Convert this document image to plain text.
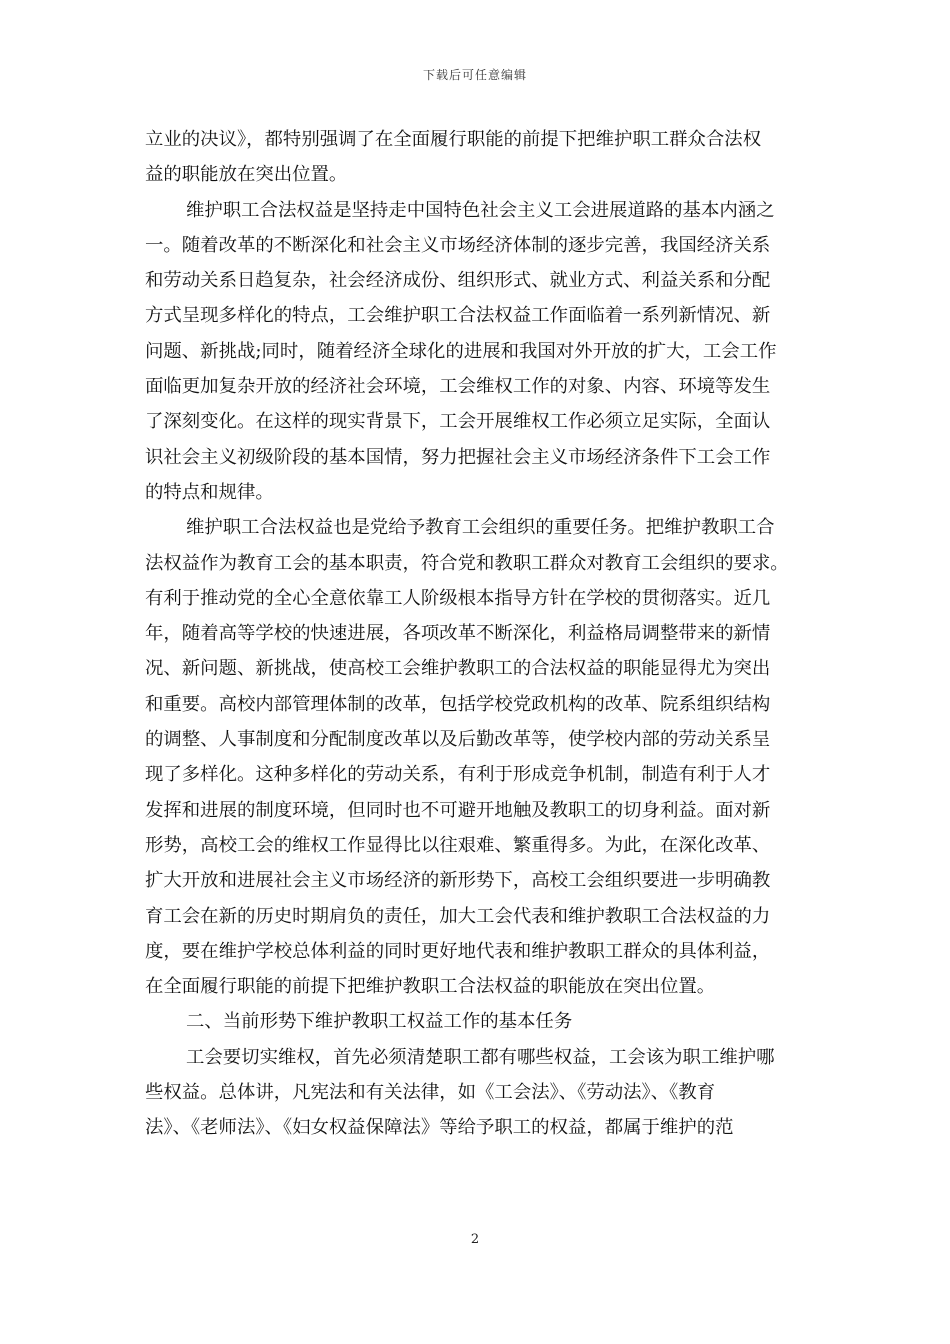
下载后可任意编辑
立业的决议》，都特别强调了在全面履行职能的前提下把维护职工群众合法权
益的职能放在突出位置。
维护职工合法权益是坚持走中国特色社会主义工会进展道路的基本内涵之
一。随着改革的不断深化和社会主义市场经济体制的逐步完善，我国经济关系
和劳动关系日趋复杂，社会经济成份、组织形式、就业方式、利益关系和分配
方式呈现多样化的特点，工会维护职工合法权益工作面临着一系列新情况、新
问题、新挑战;同时，随着经济全球化的进展和我国对外开放的扩大，工会工作
面临更加复杂开放的经济社会环境，工会维权工作的对象、内容、环境等发生
了深刻变化。在这样的现实背景下，工会开展维权工作必须立足实际，全面认
识社会主义初级阶段的基本国情，努力把握社会主义市场经济条件下工会工作
的特点和规律。
维护职工合法权益也是党给予教育工会组织的重要任务。把维护教职工合
法权益作为教育工会的基本职责，符合党和教职工群众对教育工会组织的要求。
有利于推动党的全心全意依靠工人阶级根本指导方针在学校的贯彻落实。近几
年，随着高等学校的快速进展，各项改革不断深化，利益格局调整带来的新情
况、新问题、新挑战，使高校工会维护教职工的合法权益的职能显得尤为突出
和重要。高校内部管理体制的改革，包括学校党政机构的改革、院系组织结构
的调整、人事制度和分配制度改革以及后勤改革等，使学校内部的劳动关系呈
现了多样化。这种多样化的劳动关系，有利于形成竞争机制，制造有利于人才
发挥和进展的制度环境，但同时也不可避开地触及教职工的切身利益。面对新
形势，高校工会的维权工作显得比以往艰难、繁重得多。为此，在深化改革、
扩大开放和进展社会主义市场经济的新形势下，高校工会组织要进一步明确教
育工会在新的历史时期肩负的责任，加大工会代表和维护教职工合法权益的力
度，要在维护学校总体利益的同时更好地代表和维护教职工群众的具体利益，
在全面履行职能的前提下把维护教职工合法权益的职能放在突出位置。
二、当前形势下维护教职工权益工作的基本任务
工会要切实维权，首先必须清楚职工都有哪些权益，工会该为职工维护哪
些权益。总体讲，凡宪法和有关法律，如《工会法》、《劳动法》、《教育
法》、《老师法》、《妇女权益保障法》等给予职工的权益，都属于维护的范
2
